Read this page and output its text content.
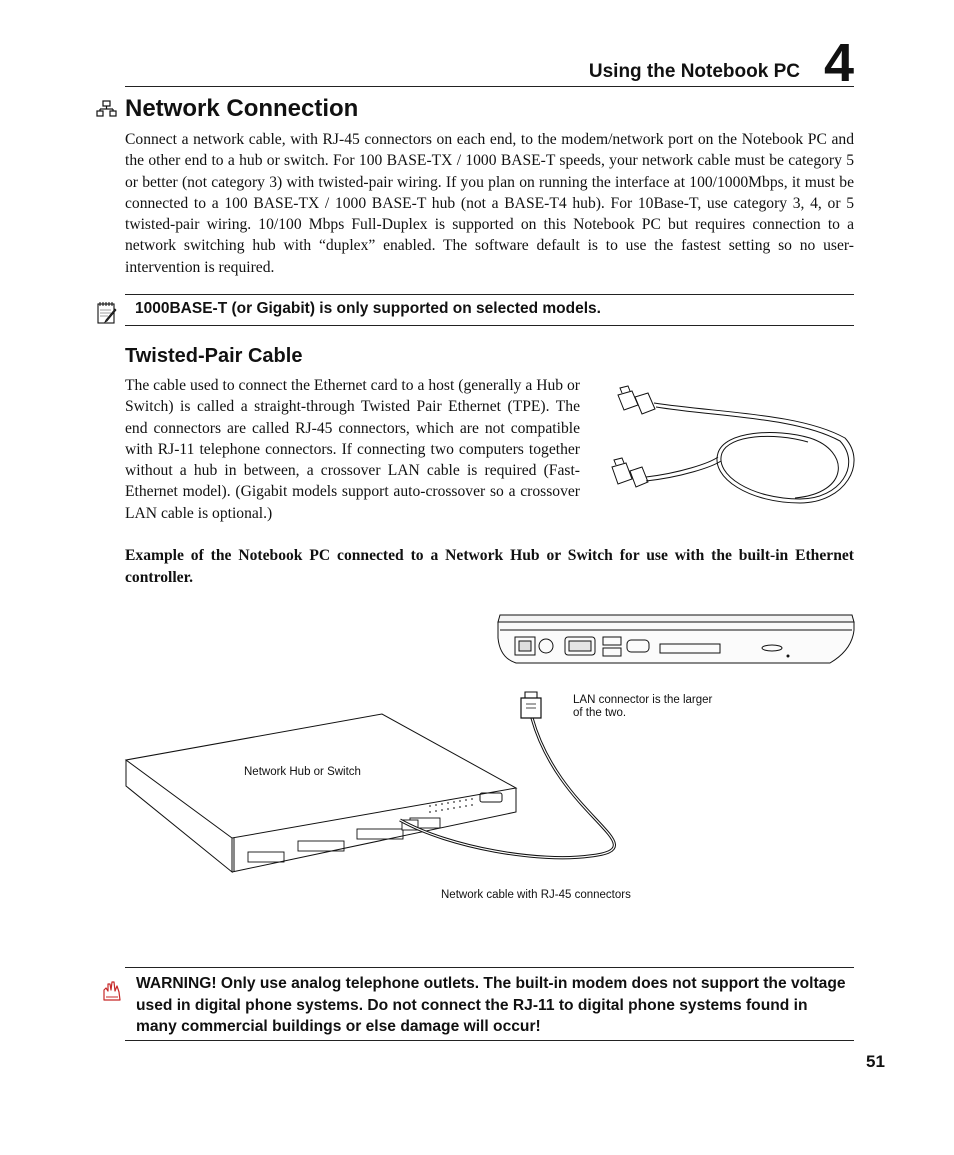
Using the Notebook PC 4
Network Connection

Connect a network cable, with RJ-45 connectors on each end, to the modem/network port on the Notebook PC and the other end to a hub or switch. For 100 BASE-TX / 1000 BASE-T speeds, your network cable must be category 5 or better (not category 3) with twisted-pair wiring. If you plan on running the interface at 100/1000Mbps, it must be connected to a 100 BASE-TX / 1000 BASE-T hub (not a BASE-T4 hub). For 10Base-T, use category 3, 4, or 5 twisted-pair wiring. 10/100 Mbps Full-Duplex is supported on this Notebook PC but requires connection to a network switching hub with “duplex” enabled. The software default is to use the fastest setting so no user-intervention is required.

1000BASE-T (or Gigabit) is only supported on selected models.
Twisted-Pair Cable

The cable used to connect the Ethernet card to a host (generally a Hub or Switch) is called a straight-through Twisted Pair Ethernet (TPE). The end connectors are called RJ-45 connectors, which are not compatible with RJ-11 telephone connectors. If connecting two computers together without a hub in between, a crossover LAN cable is required (Fast-Ethernet model). (Gigabit models support auto-crossover so a crossover LAN cable is optional.)

Example of the Notebook PC connected to a Network Hub or Switch for use with the built-in Ethernet controller.

LAN connector is the larger of the two.
Network Hub or Switch
Network cable with RJ-45 connectors

WARNING! Only use analog telephone outlets. The built-in modem does not support the voltage used in digital phone systems. Do not connect the RJ-11 to digital phone systems found in many commercial buildings or else damage will occur!

51
